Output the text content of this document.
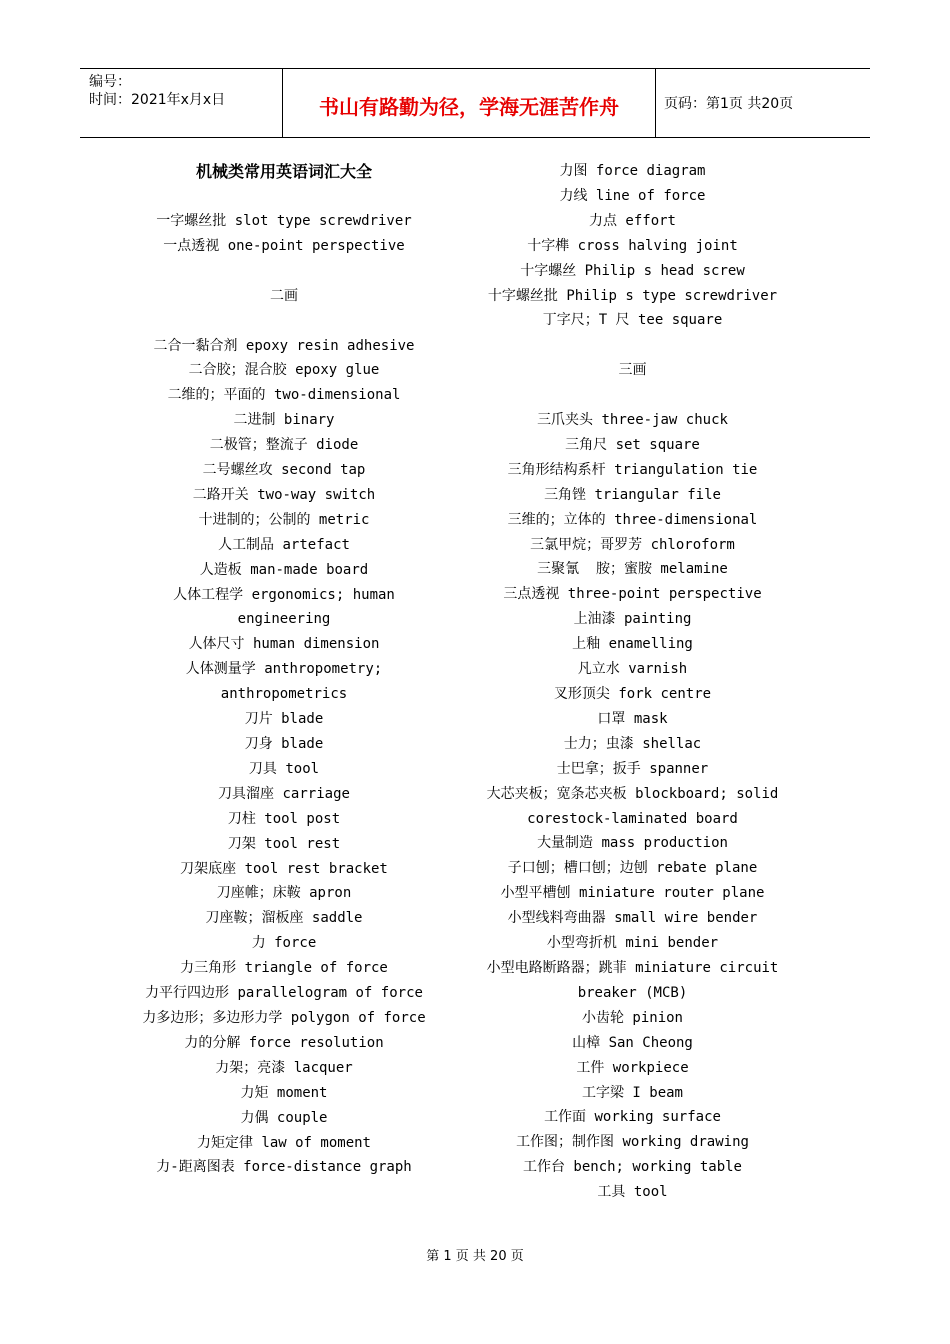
编号：
时间：2021年x月x日	书山有路勤为径，学海无涯苦作舟	页码：第1页 共20页
机械类常用英语词汇大全
一字螺丝批 slot type screwdriver
一点透视 one-point perspective
二画
二合一黏合剂 epoxy resin adhesive
二合胶；混合胶 epoxy glue
二维的；平面的 two-dimensional
二进制 binary
二极管；整流子 diode
二号螺丝攻 second tap
二路开关 two-way switch
十进制的；公制的 metric
人工制品 artefact
人造板 man-made board
人体工程学 ergonomics; human engineering
人体尺寸 human dimension
人体测量学 anthropometry; anthropometrics
刀片 blade
刀身 blade
刀具 tool
刀具溜座 carriage
刀柱 tool post
刀架 tool rest
刀架底座 tool rest bracket
刀座帷；床鞍 apron
刀座鞍；溜板座 saddle
力 force
力三角形 triangle of force
力平行四边形 parallelogram of force
力多边形；多边形力学 polygon of force
力的分解 force resolution
力架；亮漆 lacquer
力矩 moment
力偶 couple
力矩定律 law of moment
力-距离图表 force-distance graph
力图 force diagram
力线 line of force
力点 effort
十字榫 cross halving joint
十字螺丝 Philip s head screw
十字螺丝批 Philip s type screwdriver
丁字尺；T 尺 tee square
三画
三爪夹头 three-jaw chuck
三角尺 set square
三角形结构系杆 triangulation tie
三角锉 triangular file
三维的；立体的 three-dimensional
三氯甲烷；哥罗芳 chloroform
三聚氰  胺；蜜胺 melamine
三点透视 three-point perspective
上油漆 painting
上釉 enamelling
凡立水 varnish
叉形顶尖 fork centre
口罩 mask
士力；虫漆 shellac
士巴拿；扳手 spanner
大芯夹板；宽条芯夹板 blockboard; solid corestock-laminated board
大量制造 mass production
子口刨；槽口刨；边刨 rebate plane
小型平槽刨 miniature router plane
小型线料弯曲器 small wire bender
小型弯折机 mini bender
小型电路断路器；跳菲 miniature circuit breaker (MCB)
小齿轮 pinion
山樟 San Cheong
工件 workpiece
工字梁 I beam
工作面 working surface
工作图；制作图 working drawing
工作台 bench; working table
工具 tool
第 1 页 共 20 页
